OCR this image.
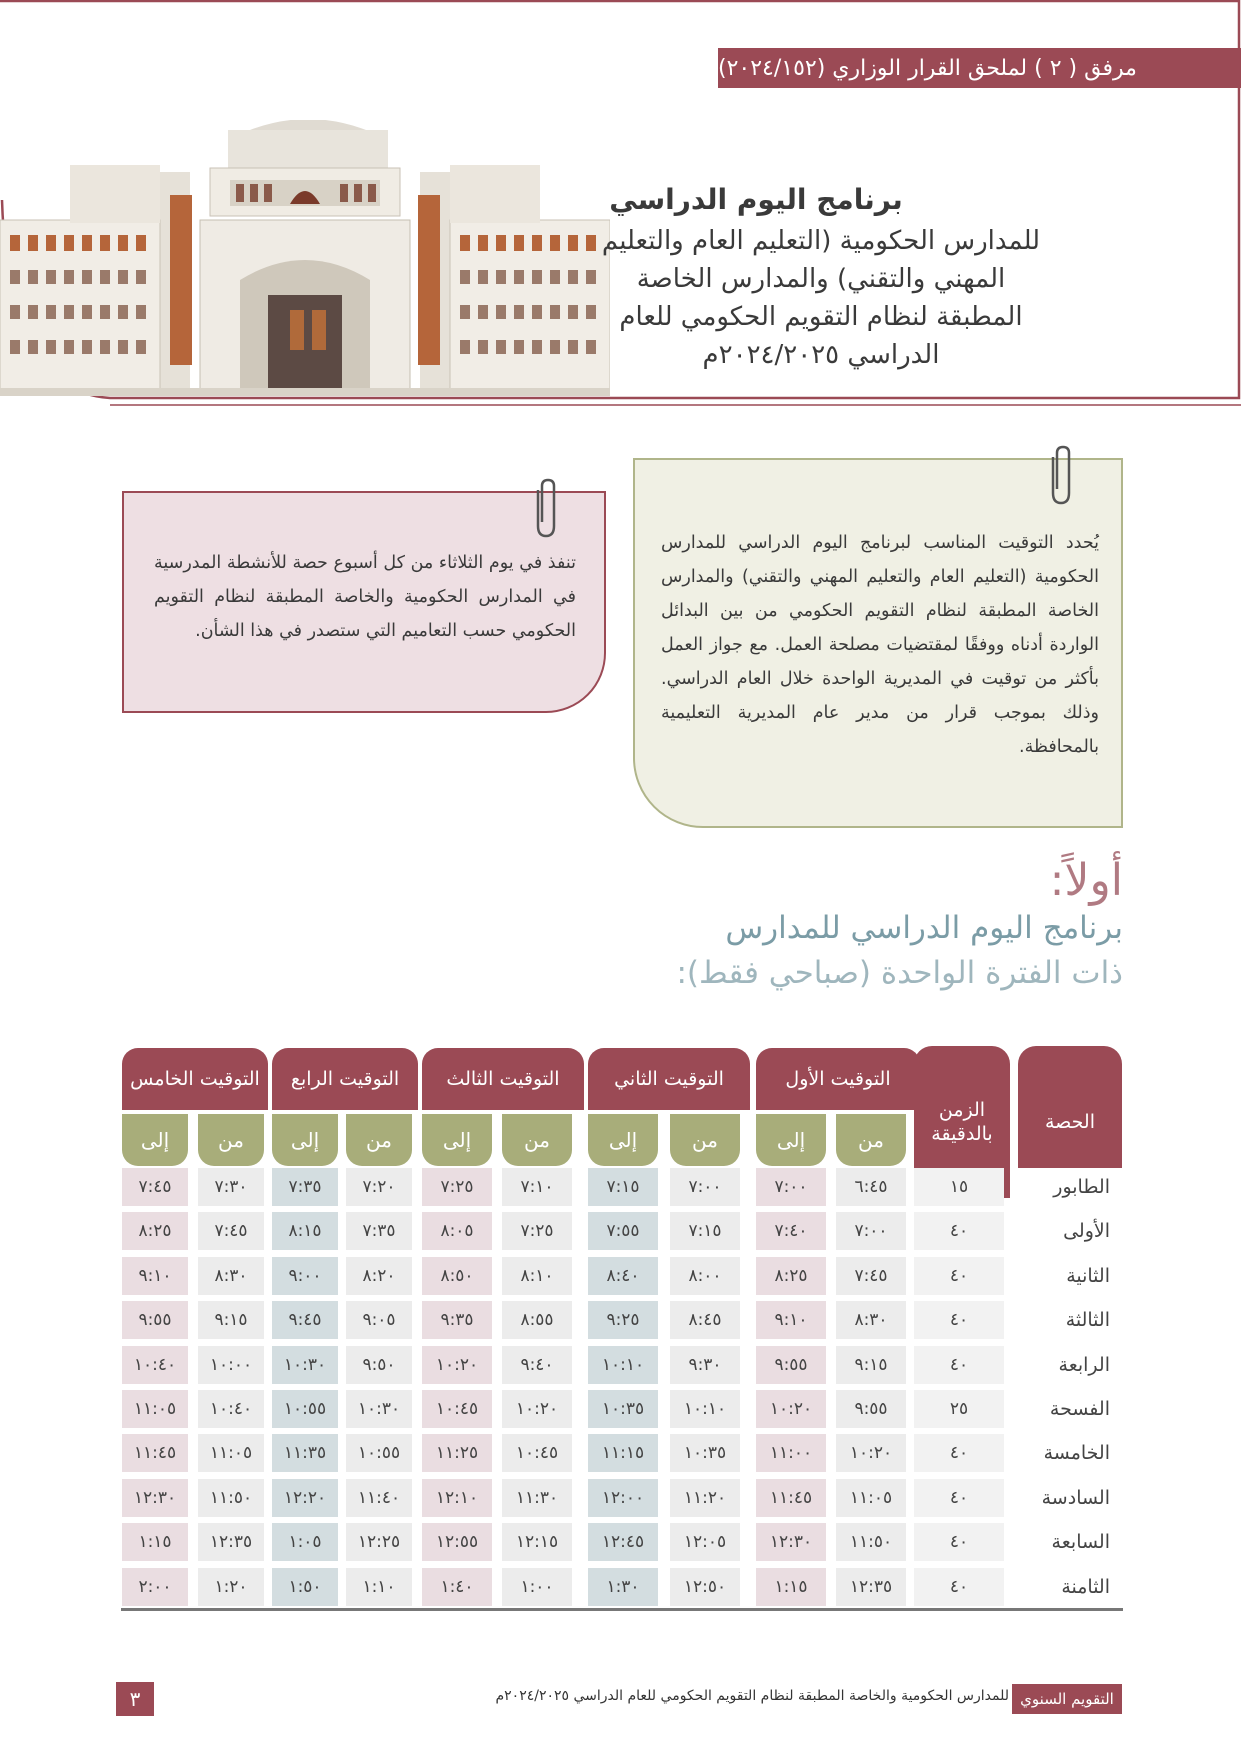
مرفق ( ٢ ) لملحق القرار الوزاري (٢٠٢٤/١٥٢)
برنامج اليوم الدراسي
للمدارس الحكومية (التعليم العام والتعليم
المهني والتقني) والمدارس الخاصة
المطبقة لنظام التقويم الحكومي للعام
الدراسي ٢٠٢٤/٢٠٢٥م
يُحدد التوقيت المناسب لبرنامج اليوم الدراسي للمدارس الحكومية (التعليم العام والتعليم المهني والتقني) والمدارس الخاصة المطبقة لنظام التقويم الحكومي من بين البدائل الواردة أدناه ووفقًا لمقتضيات مصلحة العمل. مع جواز العمل بأكثر من توقيت في المديرية الواحدة خلال العام الدراسي. وذلك بموجب قرار من مدير عام المديرية التعليمية بالمحافظة.
تنفذ في يوم الثلاثاء من كل أسبوع حصة للأنشطة المدرسية في المدارس الحكومية والخاصة المطبقة لنظام التقويم الحكومي حسب التعاميم التي ستصدر في هذا الشأن.
أولاً:
برنامج اليوم الدراسي للمدارس
ذات الفترة الواحدة (صباحي فقط):
الحصة
الزمن بالدقيقة
التوقيت الأول
من
إلى
التوقيت الثاني
من
إلى
التوقيت الثالث
من
إلى
التوقيت الرابع
من
إلى
التوقيت الخامس
من
إلى
الطابور
١٥
٦:٤٥
٧:٠٠
٧:٠٠
٧:١٥
٧:١٠
٧:٢٥
٧:٢٠
٧:٣٥
٧:٣٠
٧:٤٥
الأولى
٤٠
٧:٠٠
٧:٤٠
٧:١٥
٧:٥٥
٧:٢٥
٨:٠٥
٧:٣٥
٨:١٥
٧:٤٥
٨:٢٥
الثانية
٤٠
٧:٤٥
٨:٢٥
٨:٠٠
٨:٤٠
٨:١٠
٨:٥٠
٨:٢٠
٩:٠٠
٨:٣٠
٩:١٠
الثالثة
٤٠
٨:٣٠
٩:١٠
٨:٤٥
٩:٢٥
٨:٥٥
٩:٣٥
٩:٠٥
٩:٤٥
٩:١٥
٩:٥٥
الرابعة
٤٠
٩:١٥
٩:٥٥
٩:٣٠
١٠:١٠
٩:٤٠
١٠:٢٠
٩:٥٠
١٠:٣٠
١٠:٠٠
١٠:٤٠
الفسحة
٢٥
٩:٥٥
١٠:٢٠
١٠:١٠
١٠:٣٥
١٠:٢٠
١٠:٤٥
١٠:٣٠
١٠:٥٥
١٠:٤٠
١١:٠٥
الخامسة
٤٠
١٠:٢٠
١١:٠٠
١٠:٣٥
١١:١٥
١٠:٤٥
١١:٢٥
١٠:٥٥
١١:٣٥
١١:٠٥
١١:٤٥
السادسة
٤٠
١١:٠٥
١١:٤٥
١١:٢٠
١٢:٠٠
١١:٣٠
١٢:١٠
١١:٤٠
١٢:٢٠
١١:٥٠
١٢:٣٠
السابعة
٤٠
١١:٥٠
١٢:٣٠
١٢:٠٥
١٢:٤٥
١٢:١٥
١٢:٥٥
١٢:٢٥
١:٠٥
١٢:٣٥
١:١٥
الثامنة
٤٠
١٢:٣٥
١:١٥
١٢:٥٠
١:٣٠
١:٠٠
١:٤٠
١:١٠
١:٥٠
١:٢٠
٢:٠٠
التقويم السنوي
للمدارس الحكومية والخاصة المطبقة لنظام التقويم الحكومي للعام الدراسي ٢٠٢٤/٢٠٢٥م
٣
